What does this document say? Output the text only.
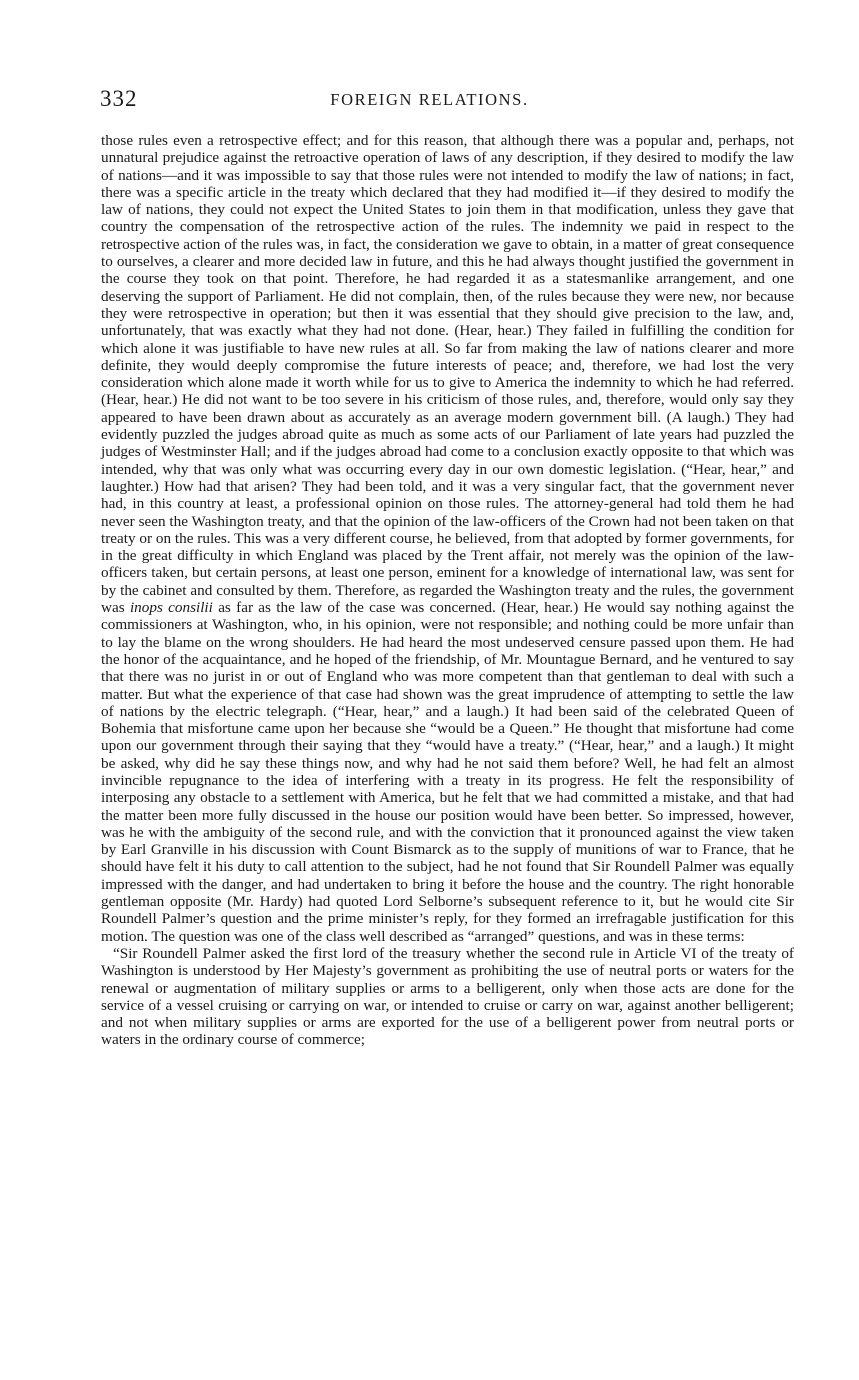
332	FOREIGN RELATIONS.

those rules even a retrospective effect; and for this reason, that although there was a popular and, perhaps, not unnatural prejudice against the retroactive operation of laws of any description, if they desired to modify the law of nations—and it was impossible to say that those rules were not intended to modify the law of nations; in fact, there was a specific article in the treaty which declared that they had modified it—if they desired to modify the law of nations, they could not expect the United States to join them in that modification, unless they gave that country the compensation of the retrospective action of the rules. The indemnity we paid in respect to the retrospective action of the rules was, in fact, the consideration we gave to obtain, in a matter of great consequence to ourselves, a clearer and more decided law in future, and this he had always thought justified the government in the course they took on that point. Therefore, he had regarded it as a statesmanlike arrangement, and one deserving the support of Parliament. He did not complain, then, of the rules because they were new, nor because they were retrospective in operation; but then it was essential that they should give precision to the law, and, unfortunately, that was exactly what they had not done. (Hear, hear.) They failed in fulfilling the condition for which alone it was justifiable to have new rules at all. So far from making the law of nations clearer and more definite, they would deeply compromise the future interests of peace; and, therefore, we had lost the very consideration which alone made it worth while for us to give to America the indemnity to which he had referred. (Hear, hear.) He did not want to be too severe in his criticism of those rules, and, therefore, would only say they appeared to have been drawn about as accurately as an average modern government bill. (A laugh.) They had evidently puzzled the judges abroad quite as much as some acts of our Parliament of late years had puzzled the judges of Westminster Hall; and if the judges abroad had come to a conclusion exactly opposite to that which was intended, why that was only what was occurring every day in our own domestic legislation. (“Hear, hear,” and laughter.) How had that arisen? They had been told, and it was a very singular fact, that the government never had, in this country at least, a professional opinion on those rules. The attorney-general had told them he had never seen the Washington treaty, and that the opinion of the law-officers of the Crown had not been taken on that treaty or on the rules. This was a very different course, he believed, from that adopted by former governments, for in the great difficulty in which England was placed by the Trent affair, not merely was the opinion of the law-officers taken, but certain persons, at least one person, eminent for a knowledge of international law, was sent for by the cabinet and consulted by them. Therefore, as regarded the Washington treaty and the rules, the government was inops consilii as far as the law of the case was concerned. (Hear, hear.) He would say nothing against the commissioners at Washington, who, in his opinion, were not responsible; and nothing could be more unfair than to lay the blame on the wrong shoulders. He had heard the most undeserved censure passed upon them. He had the honor of the acquaintance, and he hoped of the friendship, of Mr. Mountague Bernard, and he ventured to say that there was no jurist in or out of England who was more competent than that gentleman to deal with such a matter. But what the experience of that case had shown was the great imprudence of attempting to settle the law of nations by the electric telegraph. (“Hear, hear,” and a laugh.) It had been said of the celebrated Queen of Bohemia that misfortune came upon her because she “would be a Queen.” He thought that misfortune had come upon our government through their saying that they “would have a treaty.” (“Hear, hear,” and a laugh.) It might be asked, why did he say these things now, and why had he not said them before? Well, he had felt an almost invincible repugnance to the idea of interfering with a treaty in its progress. He felt the responsibility of interposing any obstacle to a settlement with America, but he felt that we had committed a mistake, and that had the matter been more fully discussed in the house our position would have been better. So impressed, however, was he with the ambiguity of the second rule, and with the conviction that it pronounced against the view taken by Earl Granville in his discussion with Count Bismarck as to the supply of munitions of war to France, that he should have felt it his duty to call attention to the subject, had he not found that Sir Roundell Palmer was equally impressed with the danger, and had undertaken to bring it before the house and the country. The right honorable gentleman opposite (Mr. Hardy) had quoted Lord Selborne’s subsequent reference to it, but he would cite Sir Roundell Palmer’s question and the prime minister’s reply, for they formed an irrefragable justification for this motion. The question was one of the class well described as “arranged” questions, and was in these terms:

“Sir Roundell Palmer asked the first lord of the treasury whether the second rule in Article VI of the treaty of Washington is understood by Her Majesty’s government as prohibiting the use of neutral ports or waters for the renewal or augmentation of military supplies or arms to a belligerent, only when those acts are done for the service of a vessel cruising or carrying on war, or intended to cruise or carry on war, against another belligerent; and not when military supplies or arms are exported for the use of a belligerent power from neutral ports or waters in the ordinary course of commerce;
